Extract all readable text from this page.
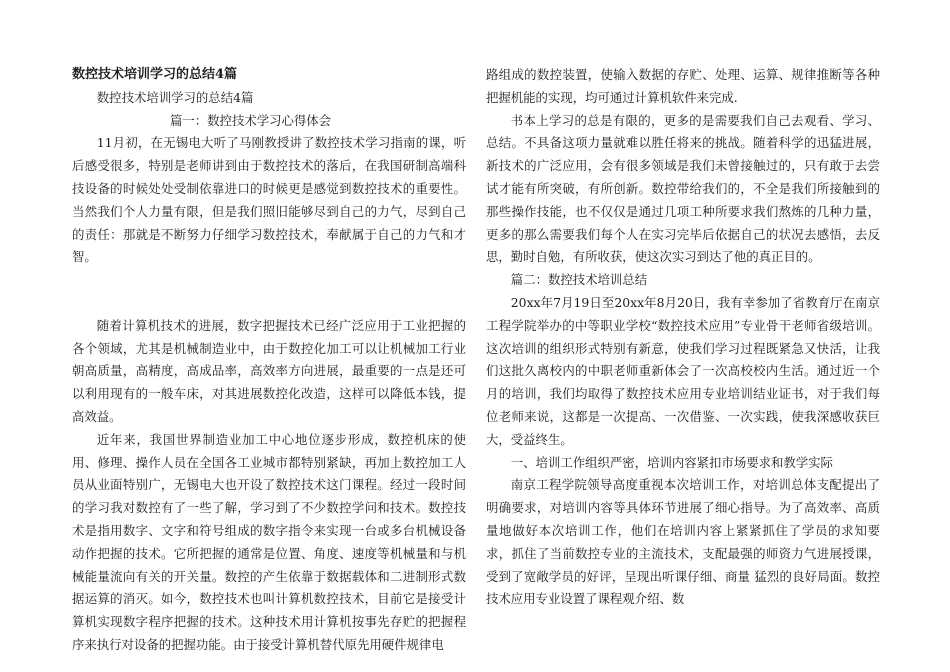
数控技术培训学习的总结4篇

数控技术培训学习的总结4篇

篇一：数控技术学习心得体会

11月初，在无锡电大听了马刚教授讲了数控技术学习指南的课，听后感受很多，特别是老师讲到由于数控技术的落后，在我国研制高端科技设备的时候处处受制依靠进口的时候更是感觉到数控技术的重要性。当然我们个人力量有限，但是我们照旧能够尽到自己的力气，尽到自己的责任：那就是不断努力仔细学习数控技术，奉献属于自己的力气和才智。

随着计算机技术的进展，数字把握技术已经广泛应用于工业把握的各个领域，尤其是机械制造业中，由于数控化加工可以让机械加工行业朝高质量，高精度，高成品率，高效率方向进展，最重要的一点是还可以利用现有的一般车床，对其进展数控化改造，这样可以降低本钱，提高效益。

近年来，我国世界制造业加工中心地位逐步形成，数控机床的使用、修理、操作人员在全国各工业城市都特别紧缺，再加上数控加工人员从业面特别广，无锡电大也开设了数控技术这门课程。经过一段时间的学习我对数控有了一些了解，学习到了不少数控学问和技术。数控技术是指用数字、文字和符号组成的数字指令来实现一台或多台机械设备动作把握的技术。它所把握的通常是位置、角度、速度等机械量和与机械能量流向有关的开关量。数控的产生依靠于数据载体和二进制形式数据运算的消灭。如今，数控技术也叫计算机数控技术，目前它是接受计算机实现数字程序把握的技术。这种技术用计算机按事先存贮的把握程序来执行对设备的把握功能。由于接受计算机替代原先用硬件规律电

路组成的数控装置，使输入数据的存贮、处理、运算、规律推断等各种把握机能的实现，均可通过计算机软件来完成.

书本上学习的总是有限的，更多的是需要我们自己去观看、学习、总结。不具备这项力量就难以胜任将来的挑战。随着科学的迅猛进展，新技术的广泛应用，会有很多领域是我们未曾接触过的，只有敢于去尝试才能有所突破，有所创新。数控带给我们的，不全是我们所接触到的那些操作技能，也不仅仅是通过几项工种所要求我们熬炼的几种力量，更多的那么需要我们每个人在实习完毕后依据自己的状况去感悟，去反思，勤时自勉，有所收获，使这次实习到达了他的真正目的。

篇二：数控技术培训总结

20xx年7月19日至20xx年8月20日，我有幸参加了省教育厅在南京工程学院举办的中等职业学校“数控技术应用”专业骨干老师省级培训。这次培训的组织形式特别有新意，使我们学习过程既紧急又快活，让我们这批久离校内的中职老师重新体会了一次高校校内生活。通过近一个月的培训，我们均取得了数控技术应用专业培训结业证书，对于我们每位老师来说，这都是一次提高、一次借鉴、一次实践，使我深感收获巨大，受益终生。

一、培训工作组织严密，培训内容紧扣市场要求和教学实际

南京工程学院领导高度重视本次培训工作，对培训总体支配提出了明确要求，对培训内容等具体环节进展了细心指导。为了高效率、高质量地做好本次培训工作，他们在培训内容上紧紧抓住了学员的求知要求，抓住了当前数控专业的主流技术，支配最强的师资力气进展授课，受到了宽敞学员的好评，呈现出听课仔细、商量 猛烈的良好局面。数控技术应用专业设置了课程观介绍、数
